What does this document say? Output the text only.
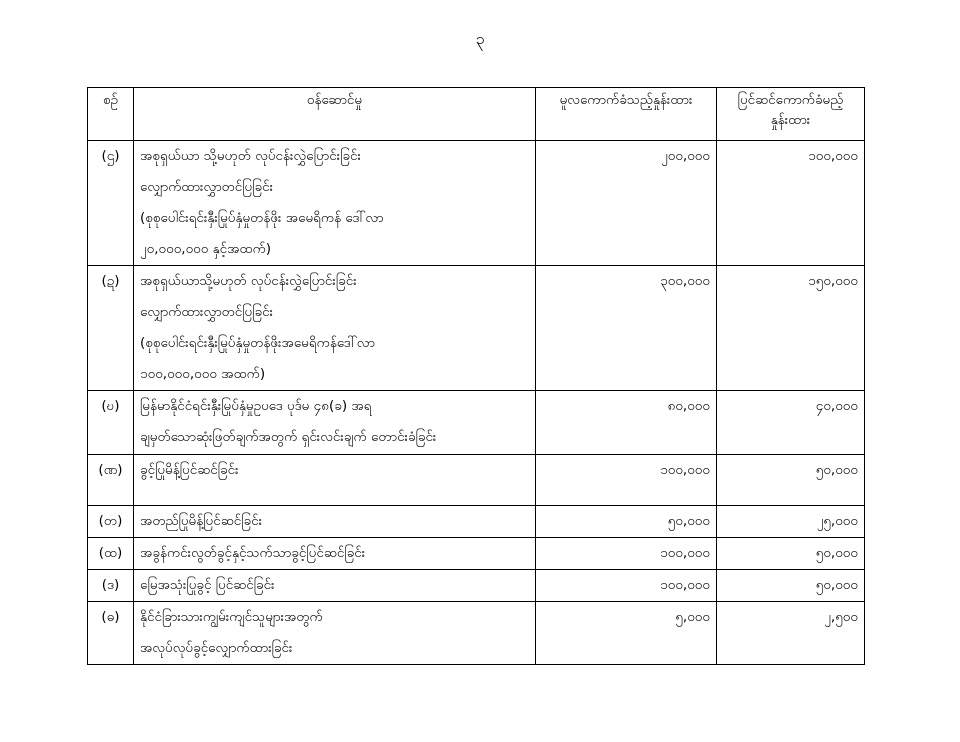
၃
စဉ်	ဝန်ဆောင်မှု	မူလကောက်ခံသည့်နှုန်းထား	ပြင်ဆင်ကောက်ခံမည့် နှုန်းထား
(ဌ)	အစုရှယ်ယာ သို့မဟုတ် လုပ်ငန်းလွှဲပြောင်းခြင်း
လျှောက်ထားလွှာတင်ပြခြင်း
(စုစုပေါင်းရင်းနှီးမြုပ်နှံမှုတန်ဖိုး အမေရိကန် ဒေါ်လာ
၂၀,၀၀၀,၀၀၀ နှင့်အထက်)	၂၀၀,၀၀၀	၁၀၀,၀၀၀
(ဍ)	အစုရှယ်ယာသို့မဟုတ် လုပ်ငန်းလွှဲပြောင်းခြင်း
လျှောက်ထားလွှာတင်ပြခြင်း
(စုစုပေါင်းရင်းနှီးမြုပ်နှံမှုတန်ဖိုးအမေရိကန်ဒေါ်လာ
၁၀၀,၀၀၀,၀၀၀ အထက်)	၃၀၀,၀၀၀	၁၅၀,၀၀၀
(ဎ)	မြန်မာနိုင်ငံရင်းနှီးမြုပ်နှံမှုဥပဒေ ပုဒ်မ ၄၈(ခ) အရ
ချမှတ်သောဆုံးဖြတ်ချက်အတွက် ရှင်းလင်းချက် တောင်းခံခြင်း	၈၀,၀၀၀	၄၀,၀၀၀
(ဏ)	ခွင့်ပြုမိန့်ပြင်ဆင်ခြင်း	၁၀၀,၀၀၀	၅၀,၀၀၀
(တ)	အတည်ပြုမိန့်ပြင်ဆင်ခြင်း	၅၀,၀၀၀	၂၅,၀၀၀
(ထ)	အခွန်ကင်းလွတ်ခွင့်နှင့်သက်သာခွင့်ပြင်ဆင်ခြင်း	၁၀၀,၀၀၀	၅၀,၀၀၀
(ဒ)	မြေအသုံးပြုခွင့် ပြင်ဆင်ခြင်း	၁၀၀,၀၀၀	၅၀,၀၀၀
(ဓ)	နိုင်ငံခြားသားကျွမ်းကျင်သူများအတွက်
အလုပ်လုပ်ခွင့်လျှောက်ထားခြင်း	၅,၀၀၀	၂,၅၀၀
